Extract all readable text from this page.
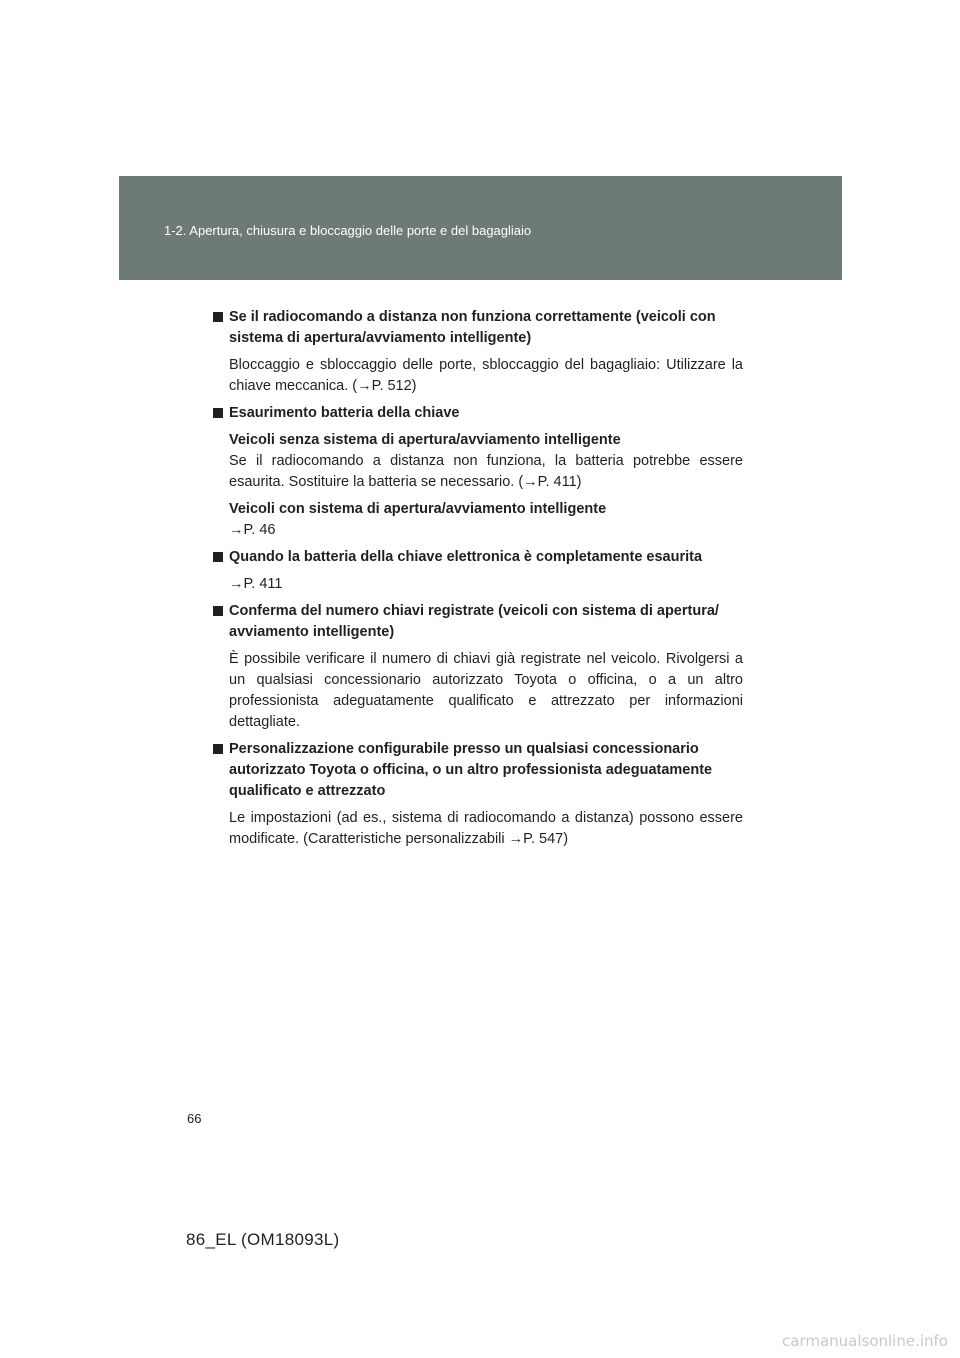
1-2. Apertura, chiusura e bloccaggio delle porte e del bagagliaio
Se il radiocomando a distanza non funziona correttamente (veicoli con sistema di apertura/avviamento intelligente)

Bloccaggio e sbloccaggio delle porte, sbloccaggio del bagagliaio: Utilizzare la chiave meccanica. (→P. 512)

Esaurimento batteria della chiave

Veicoli senza sistema di apertura/avviamento intelligente

Se il radiocomando a distanza non funziona, la batteria potrebbe essere esaurita. Sostituire la batteria se necessario. (→P. 411)

Veicoli con sistema di apertura/avviamento intelligente

→P. 46

Quando la batteria della chiave elettronica è completamente esaurita

→P. 411

Conferma del numero chiavi registrate (veicoli con sistema di apertura/ avviamento intelligente)

È possibile verificare il numero di chiavi già registrate nel veicolo. Rivolgersi a un qualsiasi concessionario autorizzato Toyota o officina, o a un altro professionista adeguatamente qualificato e attrezzato per informazioni dettagliate.

Personalizzazione configurabile presso un qualsiasi concessionario autorizzato Toyota o officina, o un altro professionista adeguatamente qualificato e attrezzato

Le impostazioni (ad es., sistema di radiocomando a distanza) possono essere modificate. (Caratteristiche personalizzabili →P. 547)

66
86_EL (OM18093L)
carmanualsonline.info
